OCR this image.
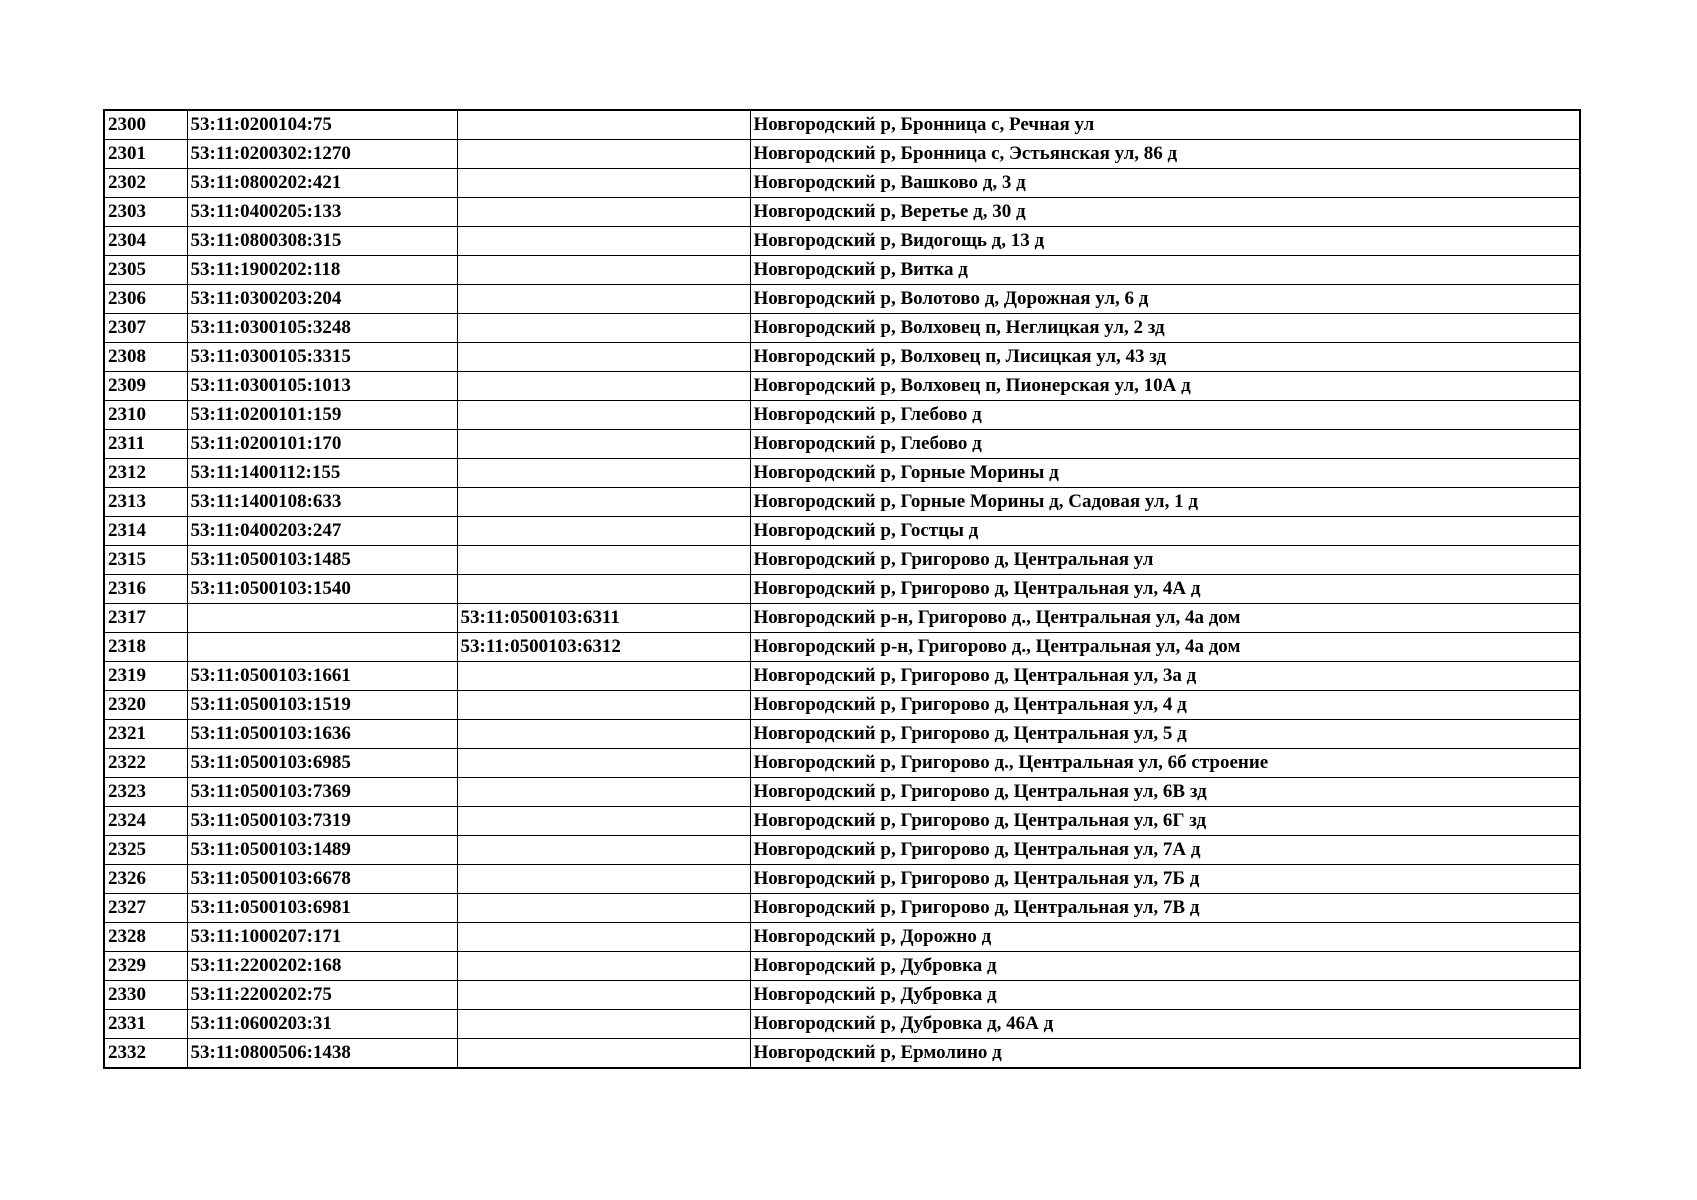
2300	53:11:0200104:75		Новгородский р, Бронница с, Речная ул
2301	53:11:0200302:1270		Новгородский р, Бронница с, Эстьянская ул, 86 д
2302	53:11:0800202:421		Новгородский р, Вашково д, 3 д
2303	53:11:0400205:133		Новгородский р, Веретье д, 30 д
2304	53:11:0800308:315		Новгородский р, Видогощь д, 13 д
2305	53:11:1900202:118		Новгородский р, Витка д
2306	53:11:0300203:204		Новгородский р, Волотово д, Дорожная ул, 6 д
2307	53:11:0300105:3248		Новгородский р, Волховец п, Неглицкая ул, 2 зд
2308	53:11:0300105:3315		Новгородский р, Волховец п, Лисицкая ул, 43 зд
2309	53:11:0300105:1013		Новгородский р, Волховец п, Пионерская ул, 10А д
2310	53:11:0200101:159		Новгородский р, Глебово д
2311	53:11:0200101:170		Новгородский р, Глебово д
2312	53:11:1400112:155		Новгородский р, Горные Морины д
2313	53:11:1400108:633		Новгородский р, Горные Морины д, Садовая ул, 1 д
2314	53:11:0400203:247		Новгородский р, Гостцы д
2315	53:11:0500103:1485		Новгородский р, Григорово д, Центральная ул
2316	53:11:0500103:1540		Новгородский р, Григорово д, Центральная ул, 4А д
2317		53:11:0500103:6311	Новгородский р-н, Григорово д., Центральная ул, 4а дом
2318		53:11:0500103:6312	Новгородский р-н, Григорово д., Центральная ул, 4а дом
2319	53:11:0500103:1661		Новгородский р, Григорово д, Центральная ул, 3а д
2320	53:11:0500103:1519		Новгородский р, Григорово д, Центральная ул, 4 д
2321	53:11:0500103:1636		Новгородский р, Григорово д, Центральная ул, 5 д
2322	53:11:0500103:6985		Новгородский р, Григорово д., Центральная ул, 6б строение
2323	53:11:0500103:7369		Новгородский р, Григорово д, Центральная ул, 6В зд
2324	53:11:0500103:7319		Новгородский р, Григорово д, Центральная ул, 6Г зд
2325	53:11:0500103:1489		Новгородский р, Григорово д, Центральная ул, 7А д
2326	53:11:0500103:6678		Новгородский р, Григорово д, Центральная ул, 7Б д
2327	53:11:0500103:6981		Новгородский р, Григорово д, Центральная ул, 7В д
2328	53:11:1000207:171		Новгородский р, Дорожно д
2329	53:11:2200202:168		Новгородский р, Дубровка д
2330	53:11:2200202:75		Новгородский р, Дубровка д
2331	53:11:0600203:31		Новгородский р, Дубровка д, 46А д
2332	53:11:0800506:1438		Новгородский р, Ермолино д
